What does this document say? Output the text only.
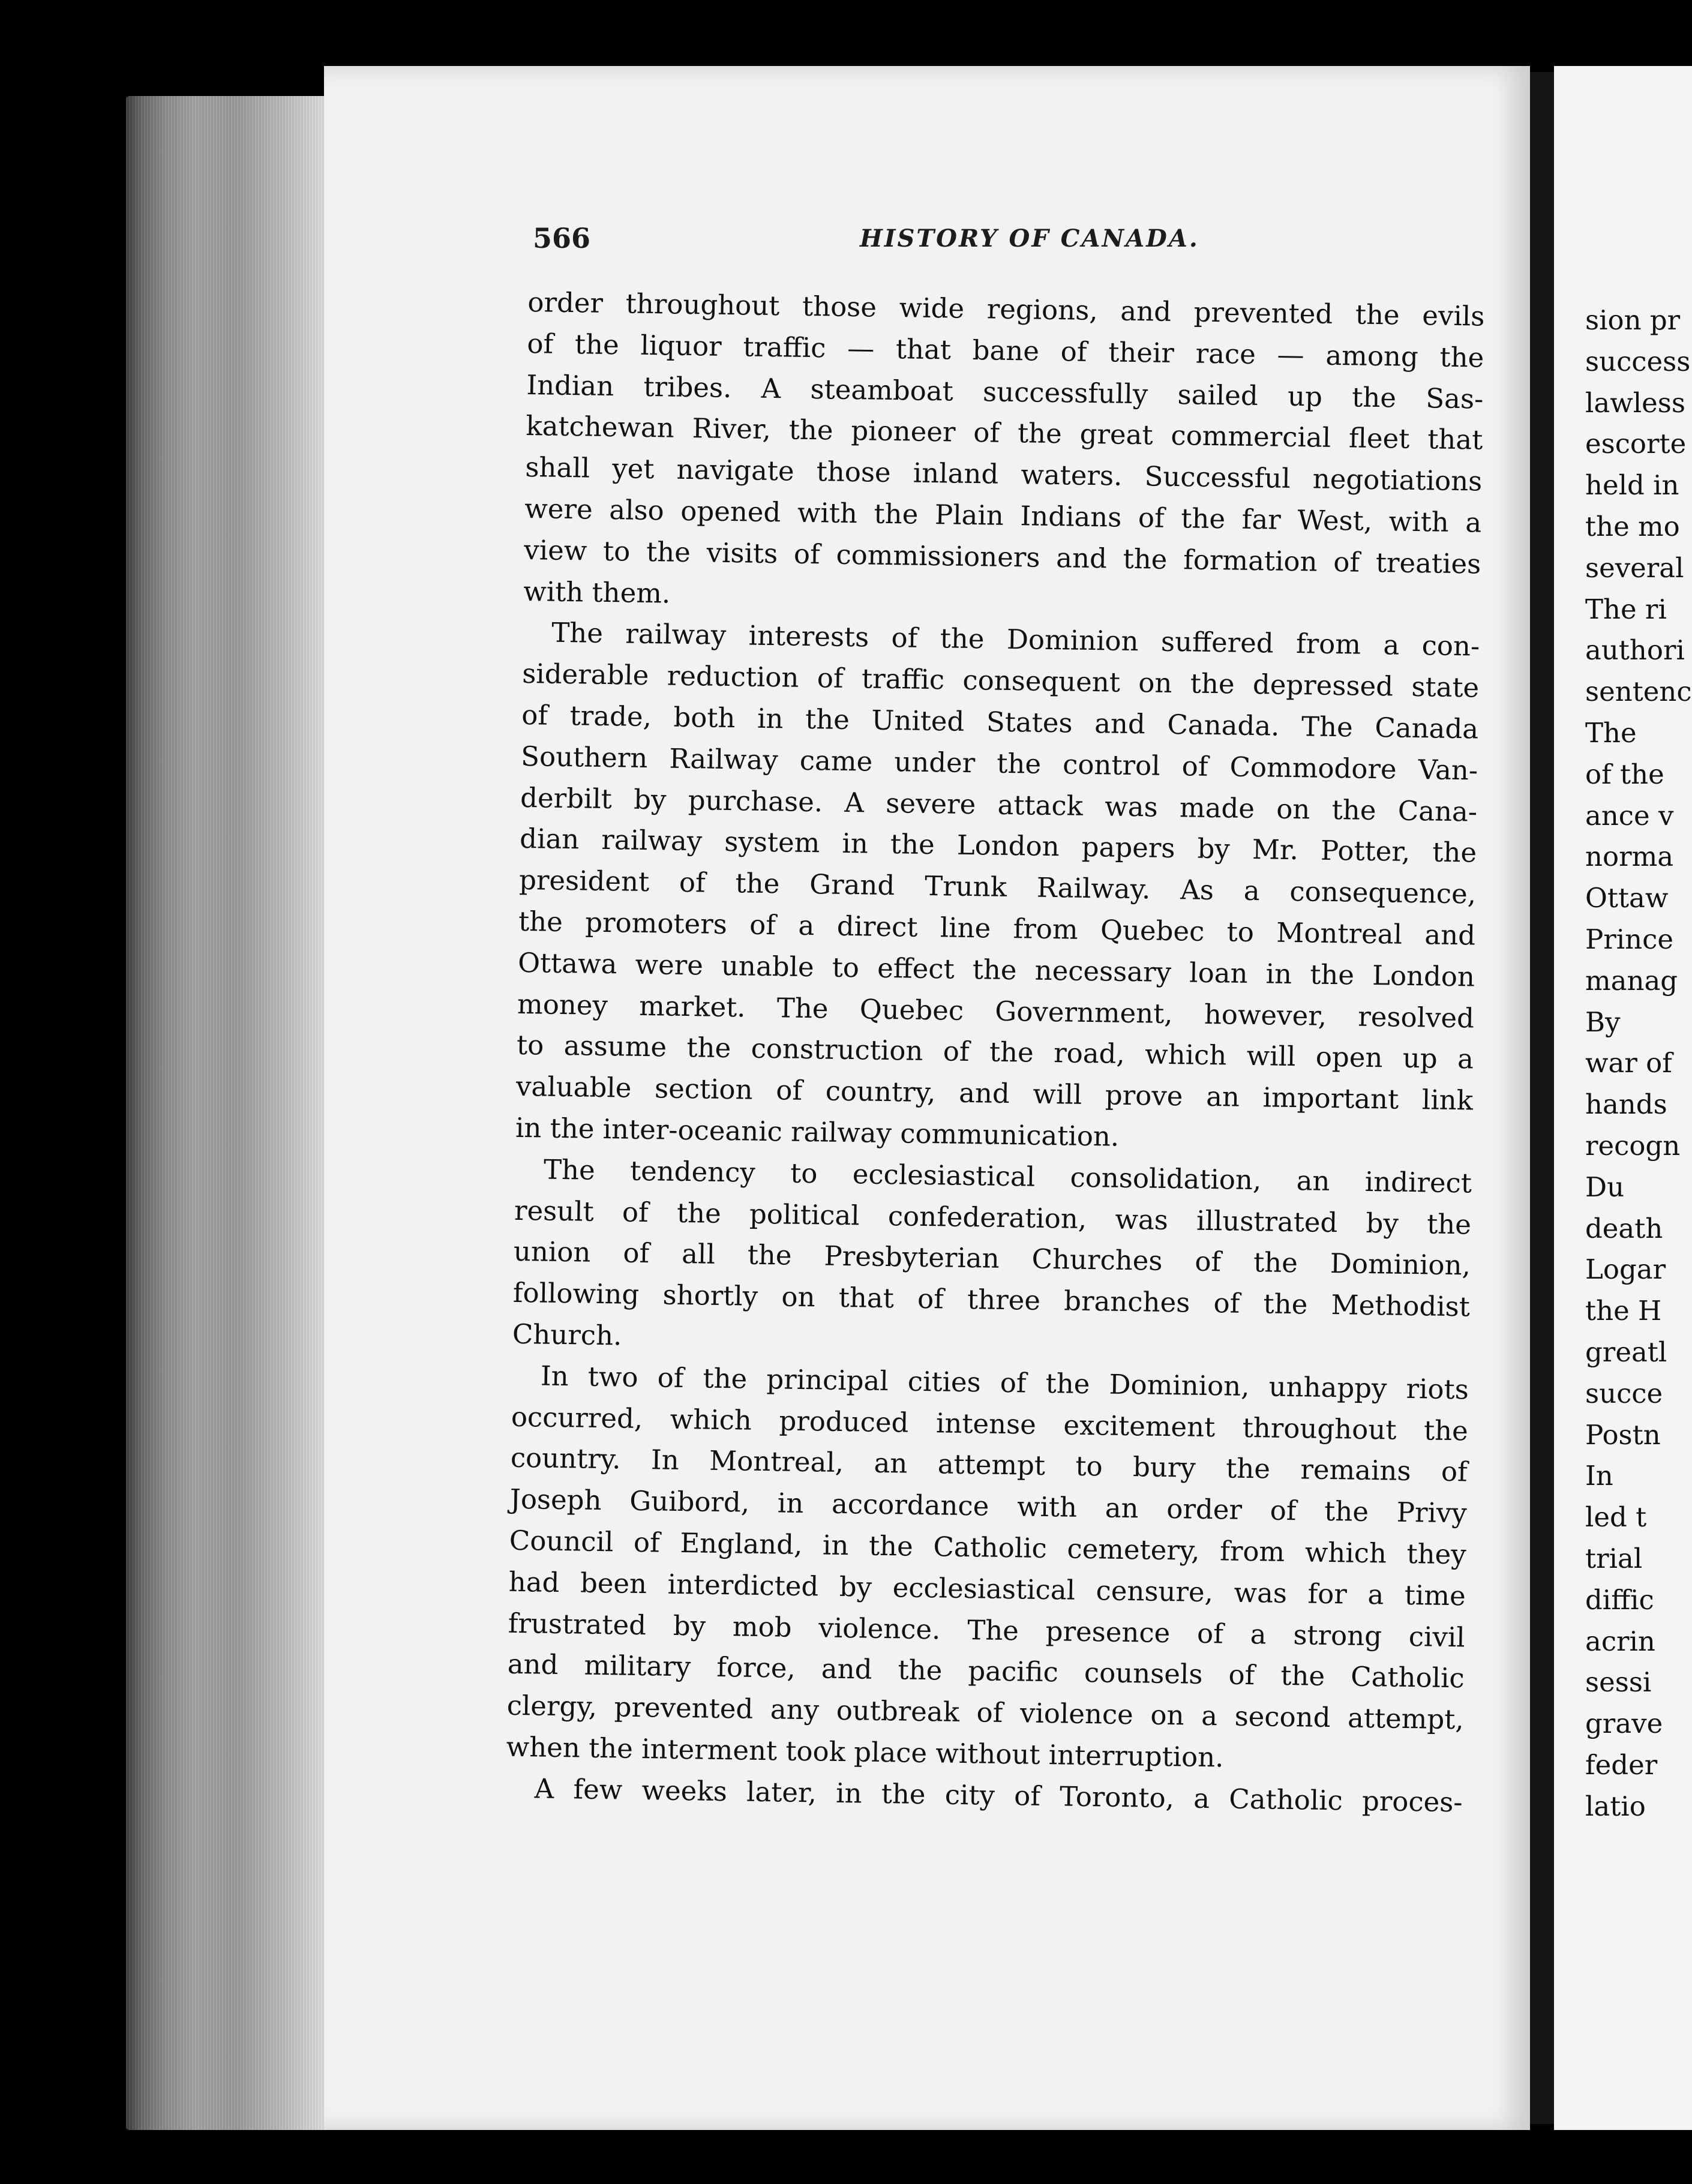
566	HISTORY OF CANADA.
order throughout those wide regions, and prevented the evils
of the liquor traffic — that bane of their race — among the
Indian tribes. A steamboat successfully sailed up the Sas-
katchewan River, the pioneer of the great commercial fleet that
shall yet navigate those inland waters. Successful negotiations
were also opened with the Plain Indians of the far West, with a
view to the visits of commissioners and the formation of treaties
with them.
The railway interests of the Dominion suffered from a con-
siderable reduction of traffic consequent on the depressed state
of trade, both in the United States and Canada. The Canada
Southern Railway came under the control of Commodore Van-
derbilt by purchase. A severe attack was made on the Cana-
dian railway system in the London papers by Mr. Potter, the
president of the Grand Trunk Railway. As a consequence,
the promoters of a direct line from Quebec to Montreal and
Ottawa were unable to effect the necessary loan in the London
money market. The Quebec Government, however, resolved
to assume the construction of the road, which will open up a
valuable section of country, and will prove an important link
in the inter-oceanic railway communication.
The tendency to ecclesiastical consolidation, an indirect
result of the political confederation, was illustrated by the
union of all the Presbyterian Churches of the Dominion,
following shortly on that of three branches of the Methodist
Church.
In two of the principal cities of the Dominion, unhappy riots
occurred, which produced intense excitement throughout the
country. In Montreal, an attempt to bury the remains of
Joseph Guibord, in accordance with an order of the Privy
Council of England, in the Catholic cemetery, from which they
had been interdicted by ecclesiastical censure, was for a time
frustrated by mob violence. The presence of a strong civil
and military force, and the pacific counsels of the Catholic
clergy, prevented any outbreak of violence on a second attempt,
when the interment took place without interruption.
A few weeks later, in the city of Toronto, a Catholic proces-
sion pr
success
lawless
escorte
held in
the mo
several
The ri
authori
sentenc
The
of the
ance v
norma
Ottaw
Prince
manag
By
war of
hands
recogn
Du
death
Logar
the H
greatl
succe
Postn
In
led t
trial
diffic
acrin
sessi
grave
feder
latio
